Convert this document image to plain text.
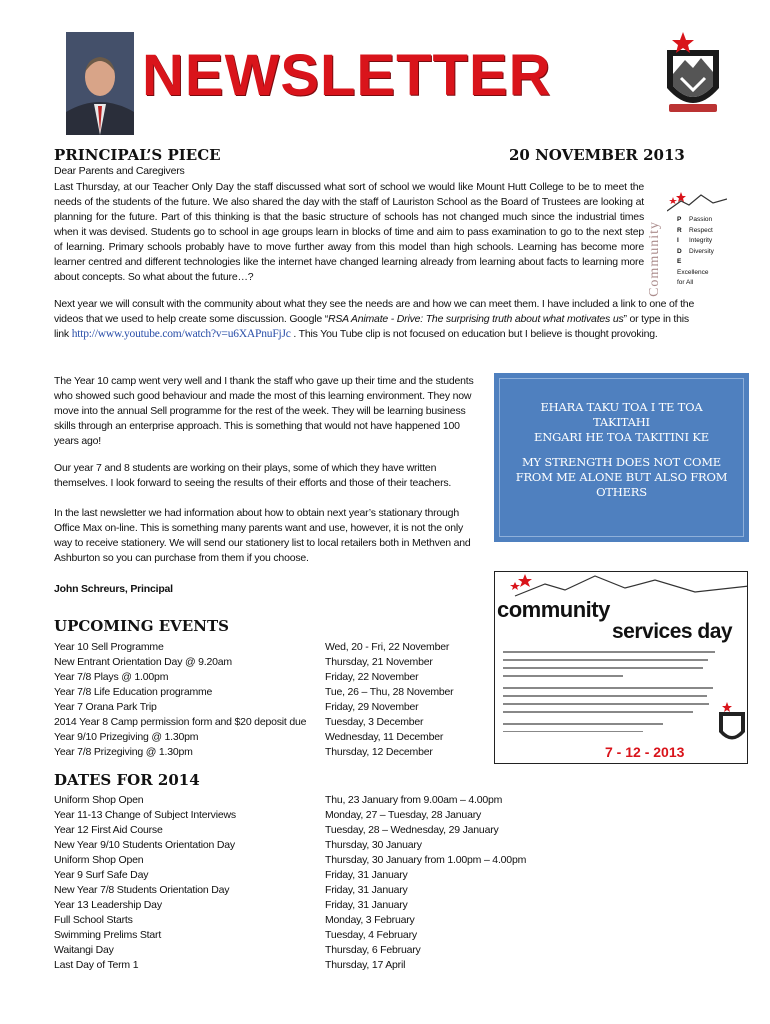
NEWSLETTER
PRINCIPAL’S PIECE	20 NOVEMBER 2013
Dear Parents and Caregivers
Last Thursday, at our Teacher Only Day the staff discussed what sort of school we would like Mount Hutt College to be to meet the needs of the students of the future. We also shared the day with the staff of Lauriston School as the Board of Trustees are looking at planning for the future. Part of this thinking is that the basic structure of schools has not changed much since the industrial times when it was devised. Students go to school in age groups learn in blocks of time and aim to pass examination to go to the next step of learning. Primary schools probably have to move further away from this model than high schools. Learning has become more learner centred and different technologies like the internet have changed learning already from learning about facts to learning more about concepts. So what about the future…?
Next year we will consult with the community about what they see the needs are and how we can meet them. I have included a link to one of the videos that we used to help create some discussion. Google “RSA Animate - Drive: The surprising truth about what motivates us” or type in this link http://www.youtube.com/watch?v=u6XAPnuFjJc . This You Tube clip is not focused on education but I believe is thought provoking.
The Year 10 camp went very well and I thank the staff who gave up their time and the students who showed such good behaviour and made the most of this learning environment. They now move into the annual Sell programme for the rest of the week. They will be learning business skills through an enterprise approach. This is something that would not have happened 100 years ago!
Our year 7 and 8 students are working on their plays, some of which they have written themselves. I look forward to seeing the results of their efforts and those of their teachers.
In the last newsletter we had information about how to obtain next year’s stationary through Office Max on-line. This is something many parents want and use, however, it is not the only way to receive stationery. We will send our stationery list to local retailers both in Methven and Ashburton so you can purchase from them if you choose.
John Schreurs, Principal
Community
P Passion
R Respect
I Integrity
D Diversity
EExcellence for All
EHARA TAKU TOA I TE TOA TAKITAHI
ENGARI HE TOA TAKITINI KE
MY STRENGTH DOES NOT COME FROM ME ALONE BUT ALSO FROM OTHERS
community
services day
7 - 12 - 2013
UPCOMING EVENTS
Year 10 Sell Programme
New Entrant Orientation Day @ 9.20am
Year 7/8 Plays @ 1.00pm
Year 7/8 Life Education programme
Year 7 Orana Park Trip
2014 Year 8 Camp permission form and $20 deposit due
Year 9/10 Prizegiving @ 1.30pm
Year 7/8 Prizegiving @ 1.30pm
Wed, 20 - Fri, 22 November
Thursday, 21 November
Friday, 22 November
Tue, 26 – Thu, 28 November
Friday, 29 November
Tuesday, 3 December
Wednesday, 11 December
Thursday, 12 December
DATES FOR 2014
Uniform Shop Open
Year 11-13 Change of Subject Interviews
Year 12 First Aid Course
New Year 9/10 Students Orientation Day
Uniform Shop Open
Year 9 Surf Safe Day
New Year 7/8 Students Orientation Day
Year 13 Leadership Day
Full School Starts
Swimming Prelims Start
Waitangi Day
Last Day of Term 1
Thu, 23 January from 9.00am – 4.00pm
Monday, 27 – Tuesday, 28 January
Tuesday, 28 – Wednesday, 29 January
Thursday, 30 January
Thursday, 30 January from 1.00pm – 4.00pm
Friday, 31 January
Friday, 31 January
Friday, 31 January
Monday, 3 February
Tuesday, 4 February
Thursday, 6 February
Thursday, 17 April
